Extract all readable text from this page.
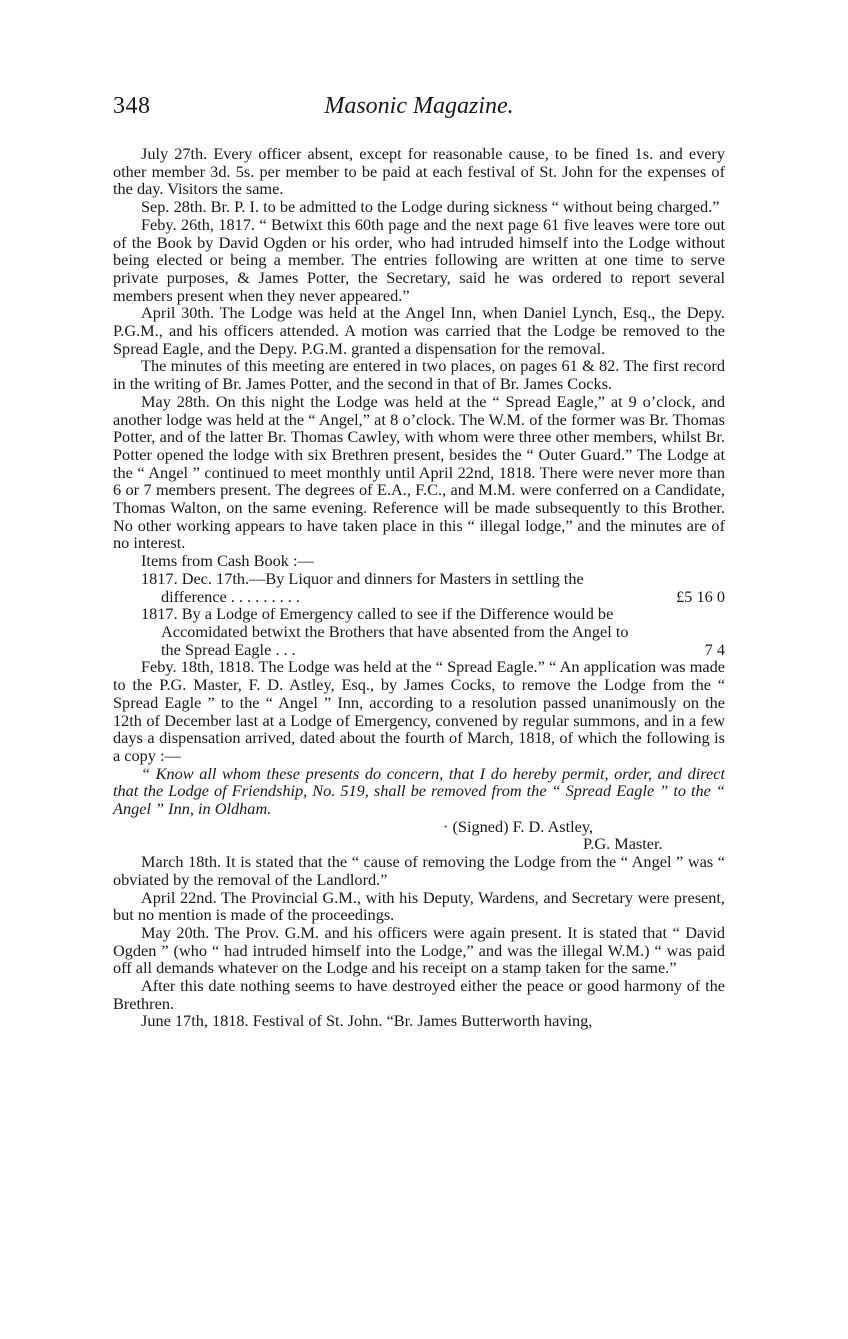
348	Masonic Magazine.

July 27th. Every officer absent, except for reasonable cause, to be fined 1s. and every other member 3d. 5s. per member to be paid at each festival of St. John for the expenses of the day. Visitors the same.

Sep. 28th. Br. P. I. to be admitted to the Lodge during sickness “ without being charged.”

Feby. 26th, 1817. “ Betwixt this 60th page and the next page 61 five leaves were tore out of the Book by David Ogden or his order, who had intruded himself into the Lodge without being elected or being a member. The entries following are written at one time to serve private purposes, & James Potter, the Secretary, said he was ordered to report several members present when they never appeared.”

April 30th. The Lodge was held at the Angel Inn, when Daniel Lynch, Esq., the Depy. P.G.M., and his officers attended. A motion was carried that the Lodge be removed to the Spread Eagle, and the Depy. P.G.M. granted a dispensation for the removal.

The minutes of this meeting are entered in two places, on pages 61 & 82. The first record in the writing of Br. James Potter, and the second in that of Br. James Cocks.

May 28th. On this night the Lodge was held at the “ Spread Eagle,” at 9 o’clock, and another lodge was held at the “ Angel,” at 8 o’clock. The W.M. of the former was Br. Thomas Potter, and of the latter Br. Thomas Cawley, with whom were three other members, whilst Br. Potter opened the lodge with six Brethren present, besides the “ Outer Guard.” The Lodge at the “ Angel ” continued to meet monthly until April 22nd, 1818. There were never more than 6 or 7 members present. The degrees of E.A., F.C., and M.M. were conferred on a Candidate, Thomas Walton, on the same evening. Reference will be made subsequently to this Brother. No other working appears to have taken place in this “ illegal lodge,” and the minutes are of no interest.

Items from Cash Book :—

1817. Dec. 17th.—By Liquor and dinners for Masters in settling the difference . . . . . . . . .	£5 16 0
1817. By a Lodge of Emergency called to see if the Difference would be Accomidated betwixt the Brothers that have absented from the Angel to the Spread Eagle . . .	7 4

Feby. 18th, 1818. The Lodge was held at the “ Spread Eagle.” “ An application was made to the P.G. Master, F. D. Astley, Esq., by James Cocks, to remove the Lodge from the “ Spread Eagle ” to the “ Angel ” Inn, according to a resolution passed unanimously on the 12th of December last at a Lodge of Emergency, convened by regular summons, and in a few days a dispensation arrived, dated about the fourth of March, 1818, of which the following is a copy :—

“ Know all whom these presents do concern, that I do hereby permit, order, and direct that the Lodge of Friendship, No. 519, shall be removed from the “ Spread Eagle ” to the “ Angel ” Inn, in Oldham.

· (Signed) F. D. Astley,
P.G. Master.

March 18th. It is stated that the “ cause of removing the Lodge from the “ Angel ” was “ obviated by the removal of the Landlord.”

April 22nd. The Provincial G.M., with his Deputy, Wardens, and Secretary were present, but no mention is made of the proceedings.

May 20th. The Prov. G.M. and his officers were again present. It is stated that “ David Ogden ” (who “ had intruded himself into the Lodge,” and was the illegal W.M.) “ was paid off all demands whatever on the Lodge and his receipt on a stamp taken for the same.”

After this date nothing seems to have destroyed either the peace or good harmony of the Brethren.

June 17th, 1818. Festival of St. John. “Br. James Butterworth having,
